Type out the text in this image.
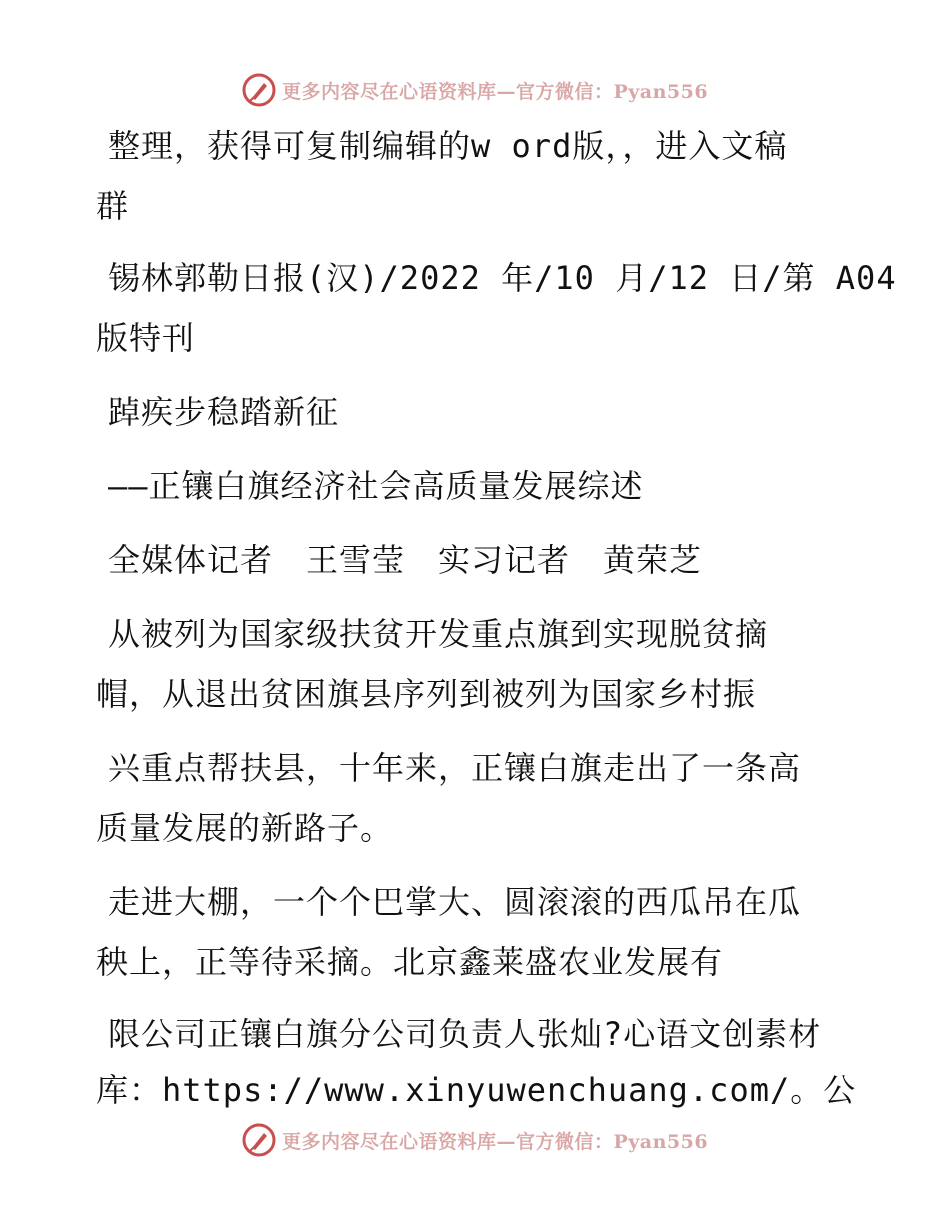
更多内容尽在心语资料库—官方微信：Pyan556
整理，获得可复制编辑的w ord版，，进入文稿
群
锡林郭勒日报(汉)/2022 年/10 月/12 日/第 A04
版特刊
踔疾步稳踏新征
——正镶白旗经济社会高质量发展综述
全媒体记者　王雪莹　实习记者　黄荣芝
从被列为国家级扶贫开发重点旗到实现脱贫摘
帽，从退出贫困旗县序列到被列为国家乡村振
兴重点帮扶县，十年来，正镶白旗走出了一条高
质量发展的新路子。
走进大棚，一个个巴掌大、圆滚滚的西瓜吊在瓜
秧上，正等待采摘。北京鑫莱盛农业发展有
限公司正镶白旗分公司负责人张灿?心语文创素材
库：https://www.xinyuwenchuang.com/。公
更多内容尽在心语资料库—官方微信：Pyan556
